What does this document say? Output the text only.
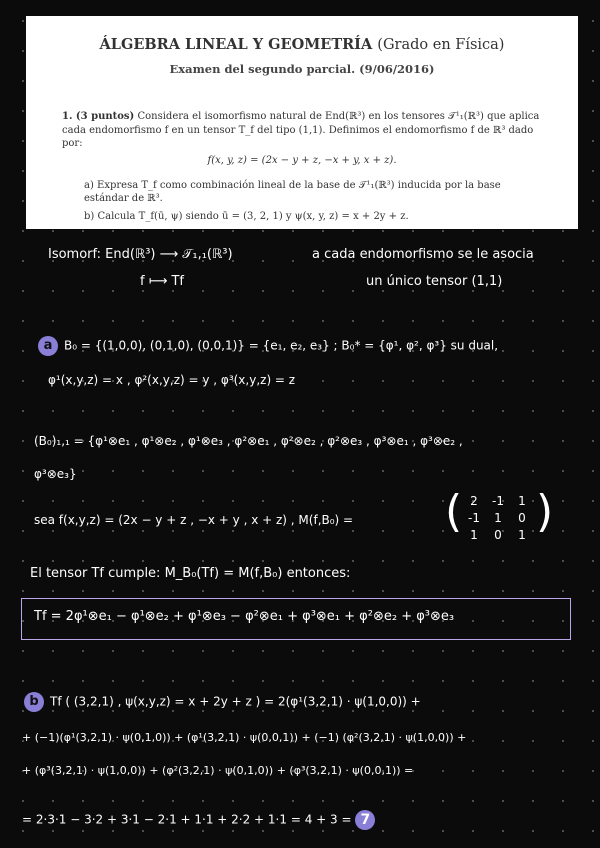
ÁLGEBRA LINEAL Y GEOMETRÍA (Grado en Física)
Examen del segundo parcial. (9/06/2016)
1. (3 puntos) Considera el isomorfismo natural de End(ℝ³) en los tensores 𝒯¹₁(ℝ³) que aplica cada endomorfismo f en un tensor T_f del tipo (1,1). Definimos el endomorfismo f de ℝ³ dado por:
f(x, y, z) = (2x − y + z, −x + y, x + z).
a) Expresa T_f como combinación lineal de la base de 𝒯¹₁(ℝ³) inducida por la base estándar de ℝ³.
b) Calcula T_f(ū, ψ) siendo ū = (3, 2, 1) y ψ(x, y, z) = x + 2y + z.
Isomorf: End(ℝ³) ⟶ 𝒯₁,₁(ℝ³)	a cada endomorfismo se le asocia
f ⟼ Tf	un único tensor (1,1)
a B₀ = {(1,0,0), (0,1,0), (0,0,1)} = {e₁, e₂, e₃} ; B₀* = {φ¹, φ², φ³} su dual,
φ¹(x,y,z) = x , φ²(x,y,z) = y , φ³(x,y,z) = z
(B₀)₁,₁ = {φ¹⊗e₁ , φ¹⊗e₂ , φ¹⊗e₃ , φ²⊗e₁ , φ²⊗e₂ , φ²⊗e₃ , φ³⊗e₁ , φ³⊗e₂ ,
φ³⊗e₃}
sea f(x,y,z) = (2x − y + z , −x + y , x + z) , M(f,B₀) = ( 2	-1	1
-1	1	0
1	0	1 )
El tensor Tf cumple: M_B₀(Tf) = M(f,B₀) entonces:
Tf = 2φ¹⊗e₁ − φ¹⊗e₂ + φ¹⊗e₃ − φ²⊗e₁ + φ³⊗e₁ + φ²⊗e₂ + φ³⊗e₃
b Tf ( (3,2,1) , ψ(x,y,z) = x + 2y + z ) = 2(φ¹(3,2,1) · ψ(1,0,0)) +
+ (−1)(φ¹(3,2,1) · ψ(0,1,0)) + (φ¹(3,2,1) · ψ(0,0,1)) + (−1) (φ²(3,2,1) · ψ(1,0,0)) +
+ (φ³(3,2,1) · ψ(1,0,0)) + (φ²(3,2,1) · ψ(0,1,0)) + (φ³(3,2,1) · ψ(0,0,1)) =
= 2·3·1 − 3·2 + 3·1 − 2·1 + 1·1 + 2·2 + 1·1 = 4 + 3 = 7
